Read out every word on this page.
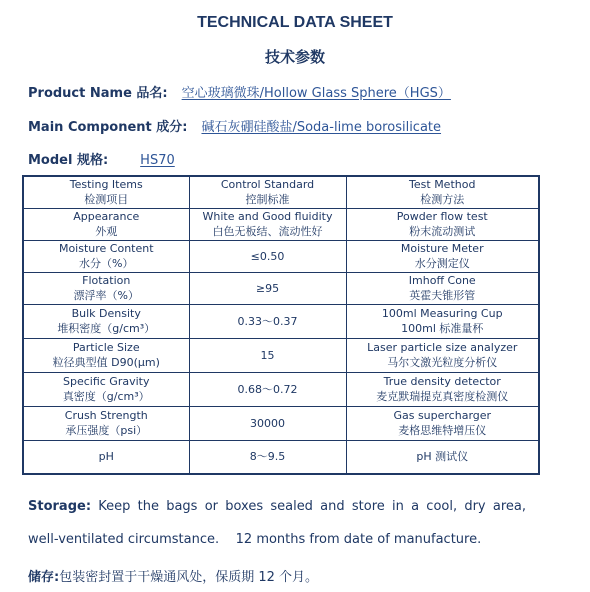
TECHNICAL DATA SHEET
技术参数
Product Name 品名: 空心玻璃微珠/Hollow Glass Sphere（HGS）
Main Component 成分: 碱石灰硼硅酸盐/Soda-lime borosilicate
Model 规格: HS70
Testing Items
检测项目	Control Standard
控制标准	Test Method
检测方法

Appearance
外观	White and Good fluidity
白色无板结、流动性好	Powder flow test
粉末流动测试

Moisture Content
水分（%）	≤0.50	Moisture Meter
水分测定仪

Flotation
漂浮率（%）	≥95	Imhoff Cone
英霍夫锥形管

Bulk Density
堆积密度（g/cm³）	0.33～0.37	100ml Measuring Cup
100ml 标准量杯

Particle Size
粒径典型值 D90(μm)	15	Laser particle size analyzer
马尔文激光粒度分析仪

Specific Gravity
真密度（g/cm³）	0.68～0.72	True density detector
麦克默瑞提克真密度检测仪

Crush Strength
承压强度（psi）	30000	Gas supercharger
麦格思维特增压仪

pH	8～9.5	pH 测试仪
Storage: Keep the bags or boxes sealed and store in a cool, dry area,
well-ventilated circumstance.    12 months from date of manufacture.
储存:包装密封置于干燥通风处，保质期 12 个月。
